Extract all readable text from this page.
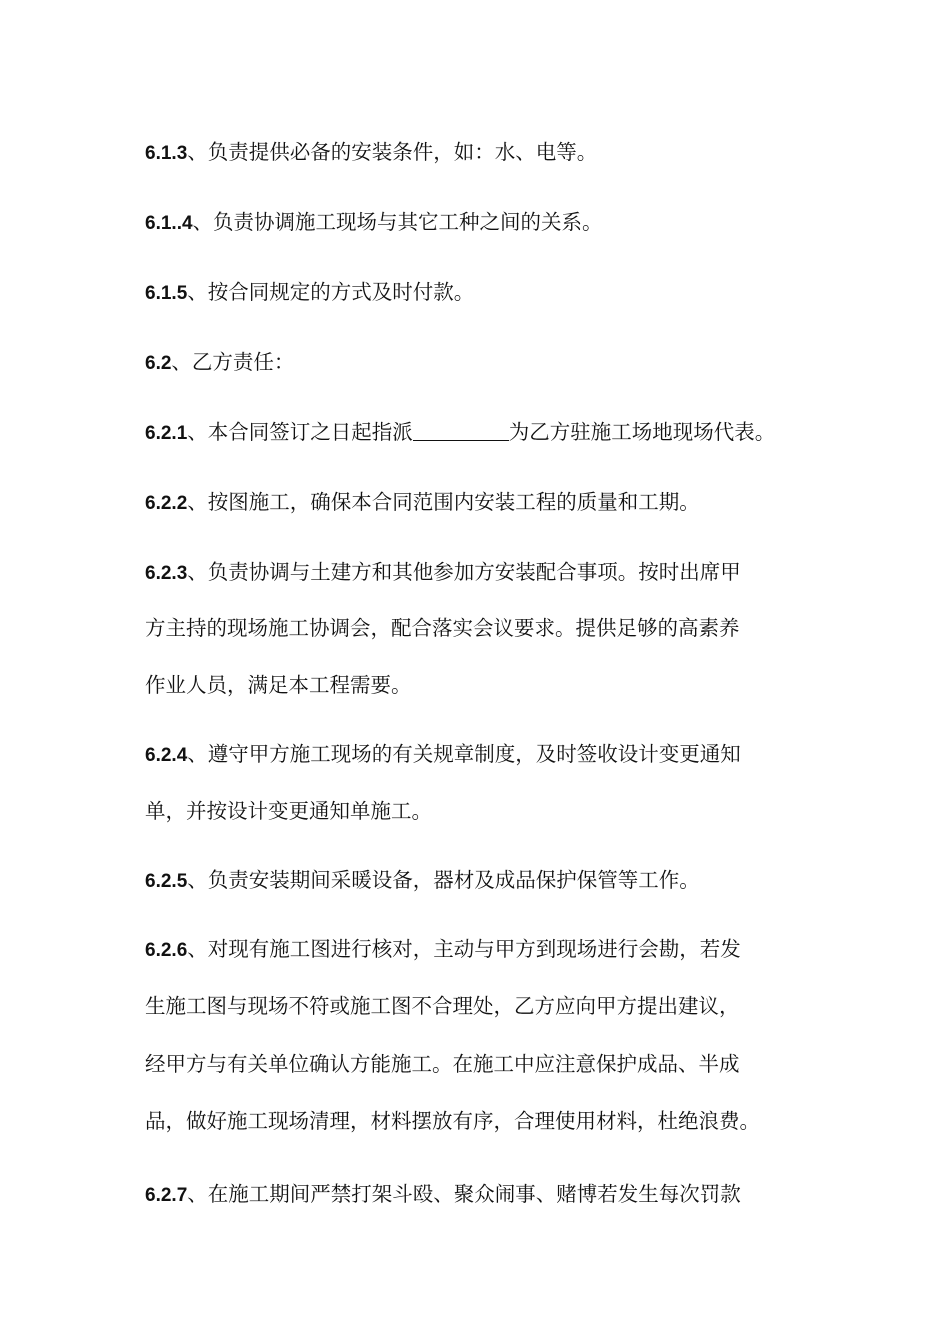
6.1.3、负责提供必备的安装条件，如：水、电等。
6.1..4、负责协调施工现场与其它工种之间的关系。
6.1.5、按合同规定的方式及时付款。
6.2、乙方责任：
6.2.1、本合同签订之日起指派	为乙方驻施工场地现场代表。
6.2.2、按图施工，确保本合同范围内安装工程的质量和工期。
6.2.3、负责协调与土建方和其他参加方安装配合事项。按时出席甲
方主持的现场施工协调会，配合落实会议要求。提供足够的高素养
作业人员，满足本工程需要。
6.2.4、遵守甲方施工现场的有关规章制度，及时签收设计变更通知
单，并按设计变更通知单施工。
6.2.5、负责安装期间采暖设备，器材及成品保护保管等工作。
6.2.6、对现有施工图进行核对，主动与甲方到现场进行会勘，若发
生施工图与现场不符或施工图不合理处，乙方应向甲方提出建议，
经甲方与有关单位确认方能施工。在施工中应注意保护成品、半成
品，做好施工现场清理，材料摆放有序，合理使用材料，杜绝浪费。
6.2.7、在施工期间严禁打架斗殴、聚众闹事、赌博若发生每次罚款
